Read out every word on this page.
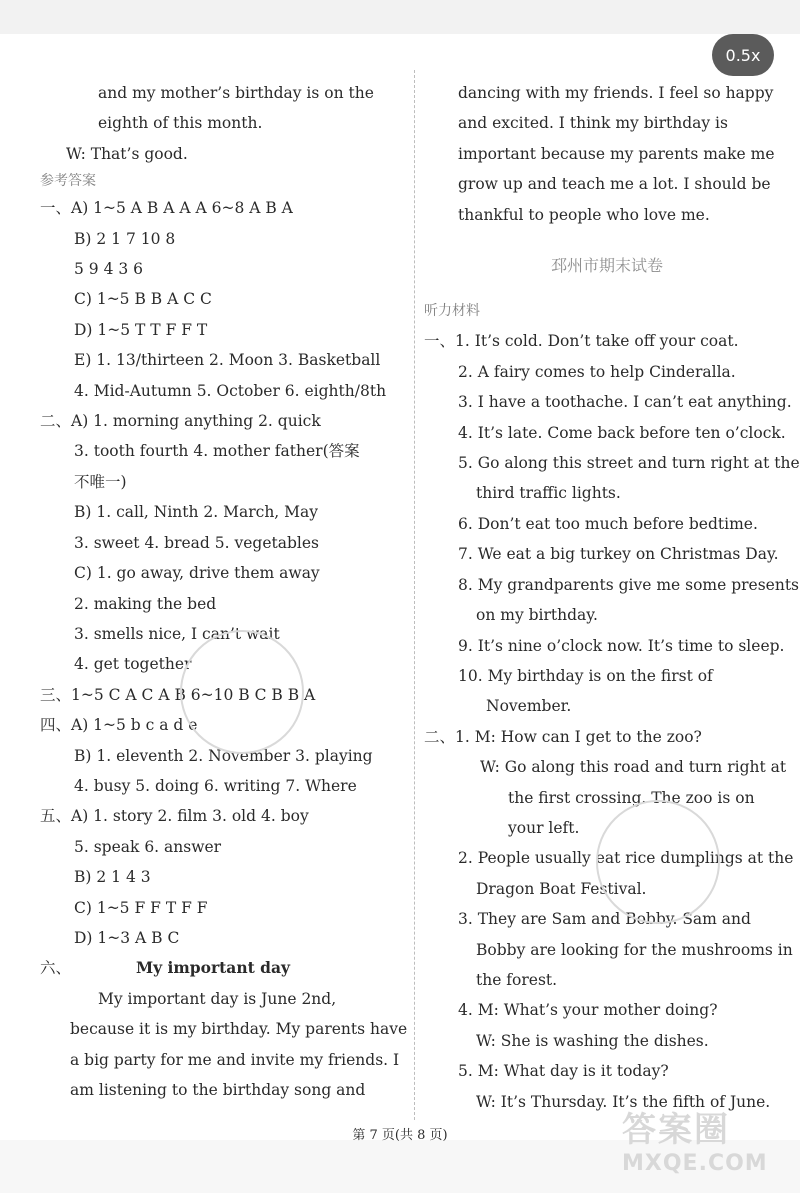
0.5x
and my mother’s birthday is on the
eighth of this month.
W: That’s good.
参考答案
一、A) 1~5 A B A A A 6~8 A B A
B) 2 1 7 10 8
5 9 4 3 6
C) 1~5 B B A C C
D) 1~5 T T F F T
E) 1. 13/thirteen 2. Moon 3. Basketball
4. Mid-Autumn 5. October 6. eighth/8th
二、A) 1. morning anything 2. quick
3. tooth fourth 4. mother father(答案
不唯一)
B) 1. call, Ninth 2. March, May
3. sweet 4. bread 5. vegetables
C) 1. go away, drive them away
2. making the bed
3. smells nice, I can’t wait
4. get together
三、1~5 C A C A B 6~10 B C B B A
四、A) 1~5 b c a d e
B) 1. eleventh 2. November 3. playing
4. busy 5. doing 6. writing 7. Where
五、A) 1. story 2. film 3. old 4. boy
5. speak 6. answer
B) 2 1 4 3
C) 1~5 F F T F F
D) 1~3 A B C
六、	My important day
My important day is June 2nd,
because it is my birthday. My parents have
a big party for me and invite my friends. I
am listening to the birthday song and
dancing with my friends. I feel so happy
and excited. I think my birthday is
important because my parents make me
grow up and teach me a lot. I should be
thankful to people who love me.
邳州市期末试卷
听力材料
一、1. It’s cold. Don’t take off your coat.
2. A fairy comes to help Cinderalla.
3. I have a toothache. I can’t eat anything.
4. It’s late. Come back before ten o’clock.
5. Go along this street and turn right at the
third traffic lights.
6. Don’t eat too much before bedtime.
7. We eat a big turkey on Christmas Day.
8. My grandparents give me some presents
on my birthday.
9. It’s nine o’clock now. It’s time to sleep.
10. My birthday is on the first of
November.
二、1. M: How can I get to the zoo?
W: Go along this road and turn right at
the first crossing. The zoo is on
your left.
2. People usually eat rice dumplings at the
Dragon Boat Festival.
3. They are Sam and Bobby. Sam and
Bobby are looking for the mushrooms in
the forest.
4. M: What’s your mother doing?
W: She is washing the dishes.
5. M: What day is it today?
W: It’s Thursday. It’s the fifth of June.
第 7 页(共 8 页)	答案圈
MXQE.COM
